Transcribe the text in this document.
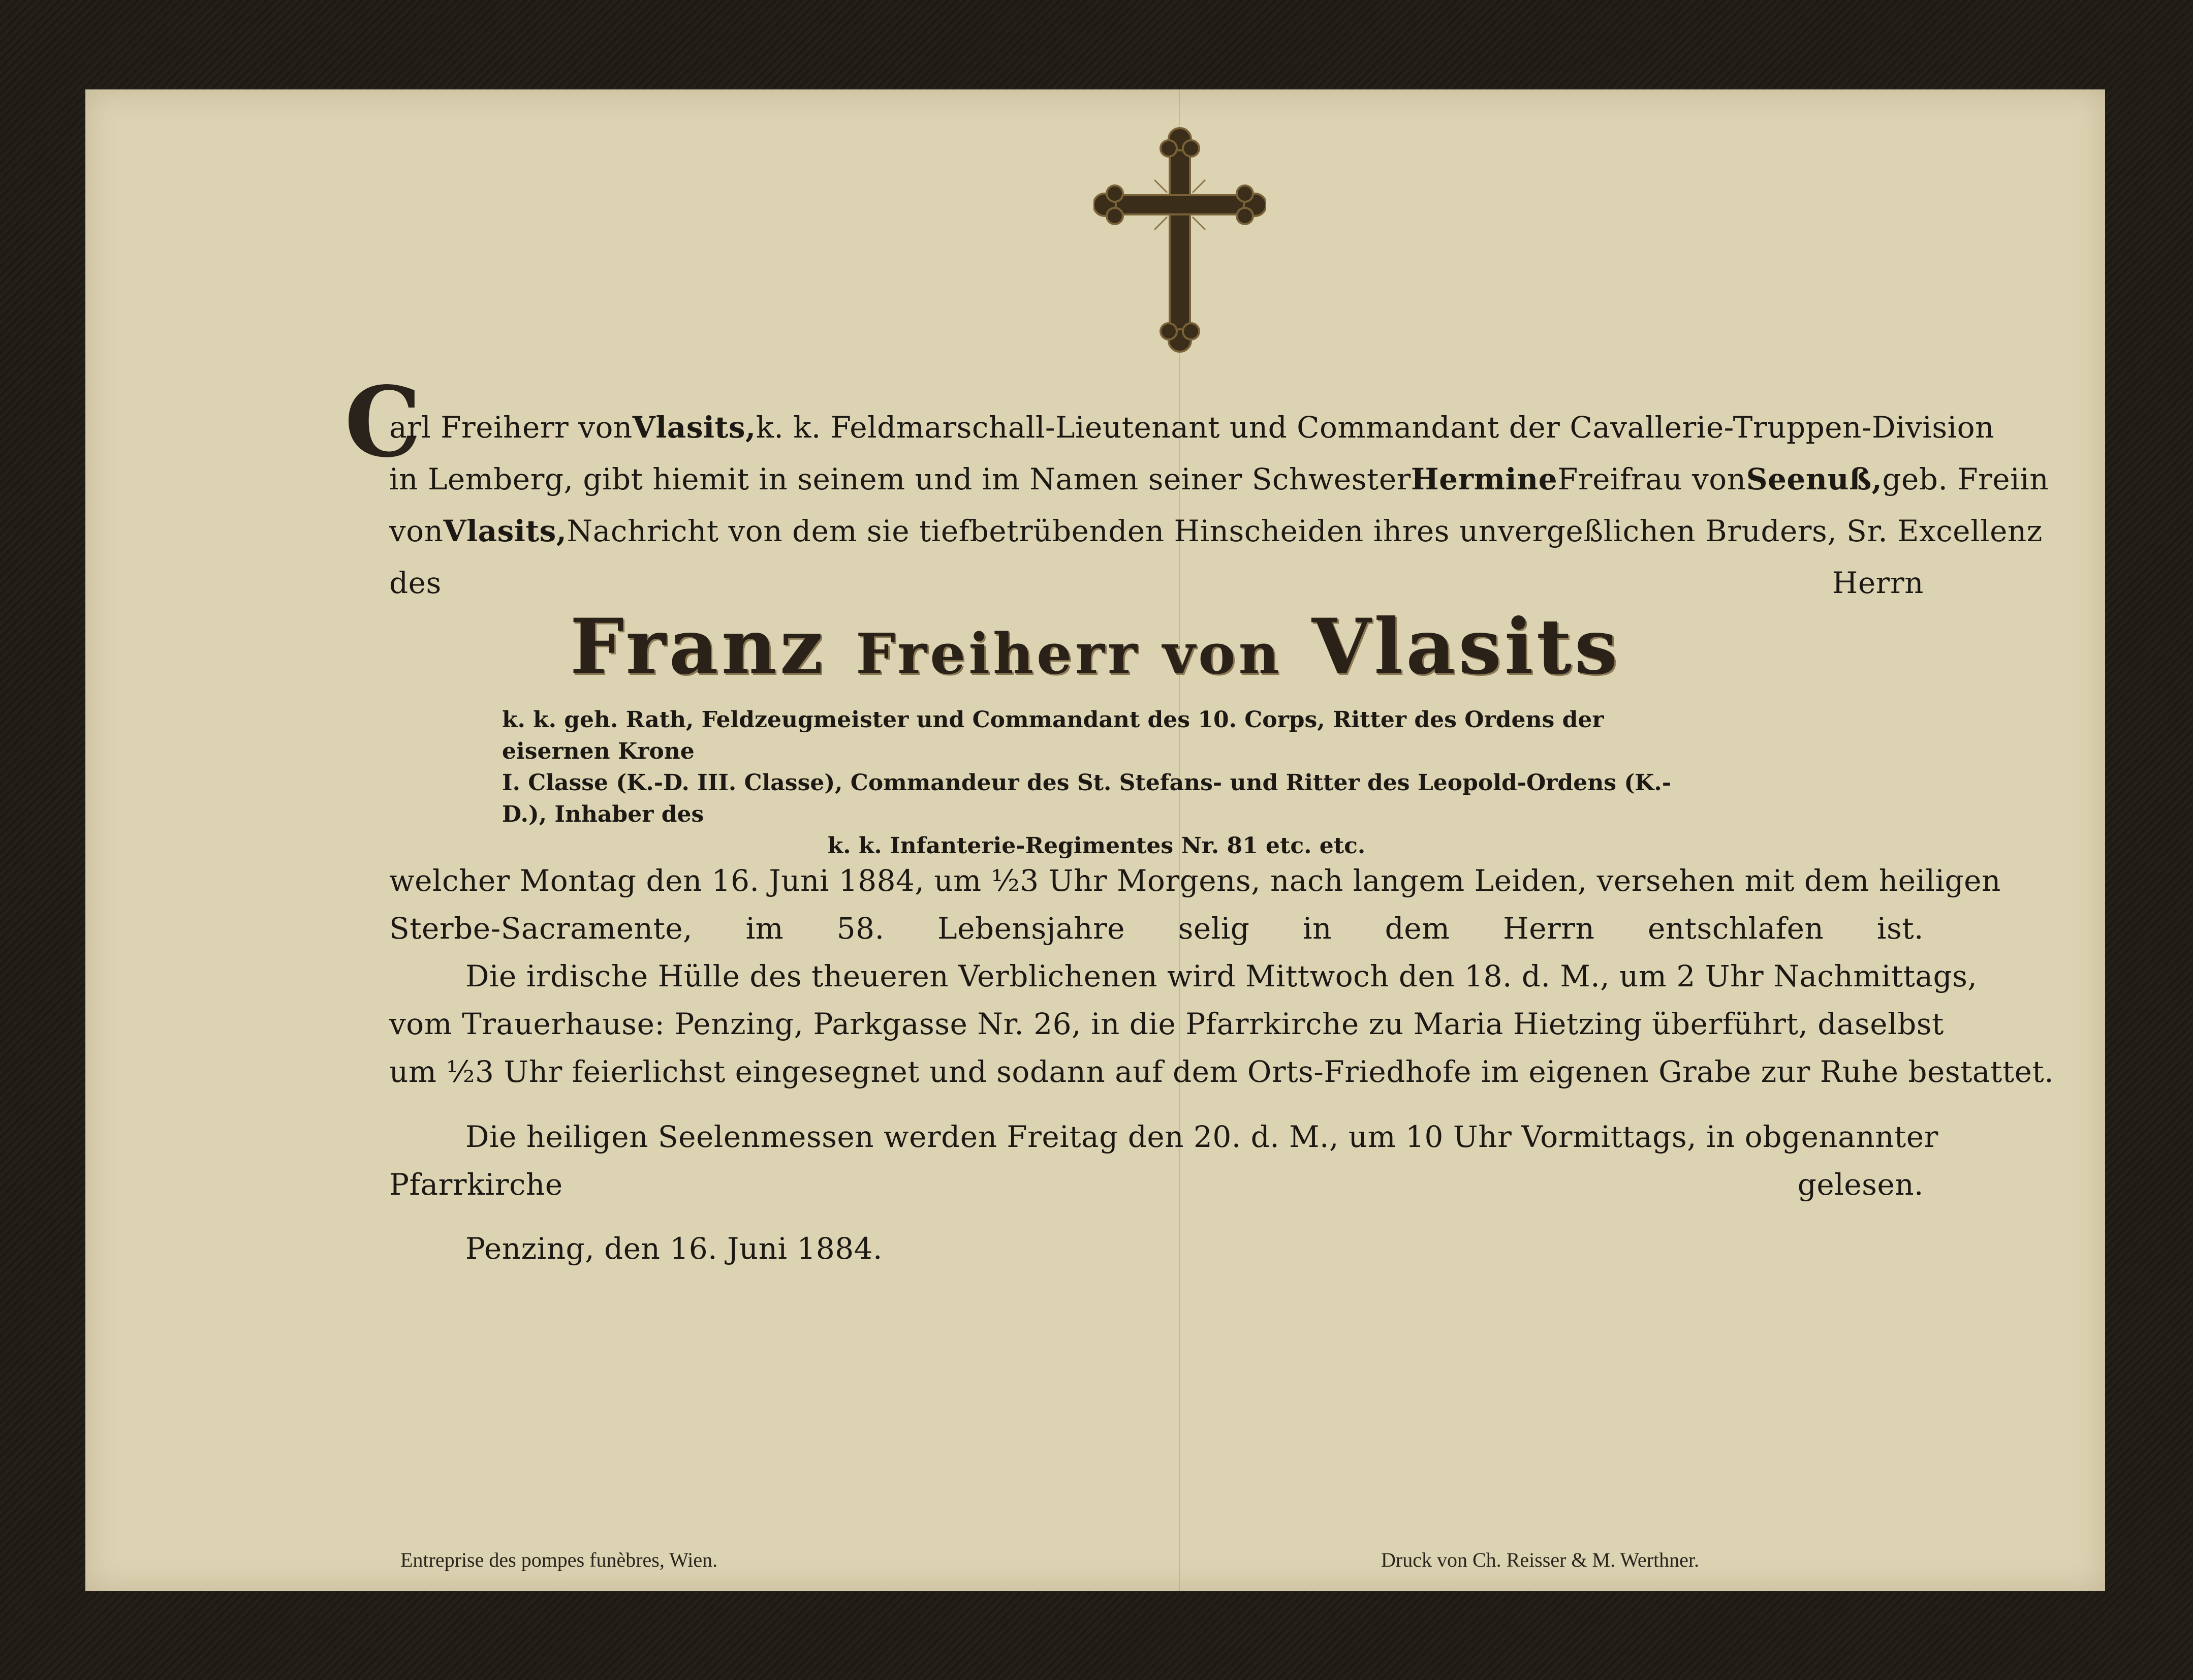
C
arl Freiherr von Vlasits, k. k. Feldmarschall-Lieutenant und Commandant der Cavallerie-Truppen-Division
in Lemberg, gibt hiemit in seinem und im Namen seiner Schwester Hermine Freifrau von Seenuß, geb. Freiin
von Vlasits, Nachricht von dem sie tiefbetrübenden Hinscheiden ihres unvergeßlichen Bruders, Sr. Excellenz
des Herrn
Franz Freiherr von Vlasits
k. k. geh. Rath, Feldzeugmeister und Commandant des 10. Corps, Ritter des Ordens der eisernen Krone
I. Classe (K.-D. III. Classe), Commandeur des St. Stefans- und Ritter des Leopold-Ordens (K.-D.), Inhaber des
k. k. Infanterie-Regimentes Nr. 81 etc. etc.
welcher Montag den 16. Juni 1884, um ½3 Uhr Morgens, nach langem Leiden, versehen mit dem heiligen
Sterbe-Sacramente, im 58. Lebensjahre selig in dem Herrn entschlafen ist.
Die irdische Hülle des theueren Verblichenen wird Mittwoch den 18. d. M., um 2 Uhr Nachmittags,
vom Trauerhause: Penzing, Parkgasse Nr. 26, in die Pfarrkirche zu Maria Hietzing überführt, daselbst
um ½3 Uhr feierlichst eingesegnet und sodann auf dem Orts-Friedhofe im eigenen Grabe zur Ruhe bestattet.
Die heiligen Seelenmessen werden Freitag den 20. d. M., um 10 Uhr Vormittags, in obgenannter
Pfarrkirche gelesen.
Penzing, den 16. Juni 1884.
Entreprise des pompes funèbres, Wien.	Druck von Ch. Reisser & M. Werthner.
